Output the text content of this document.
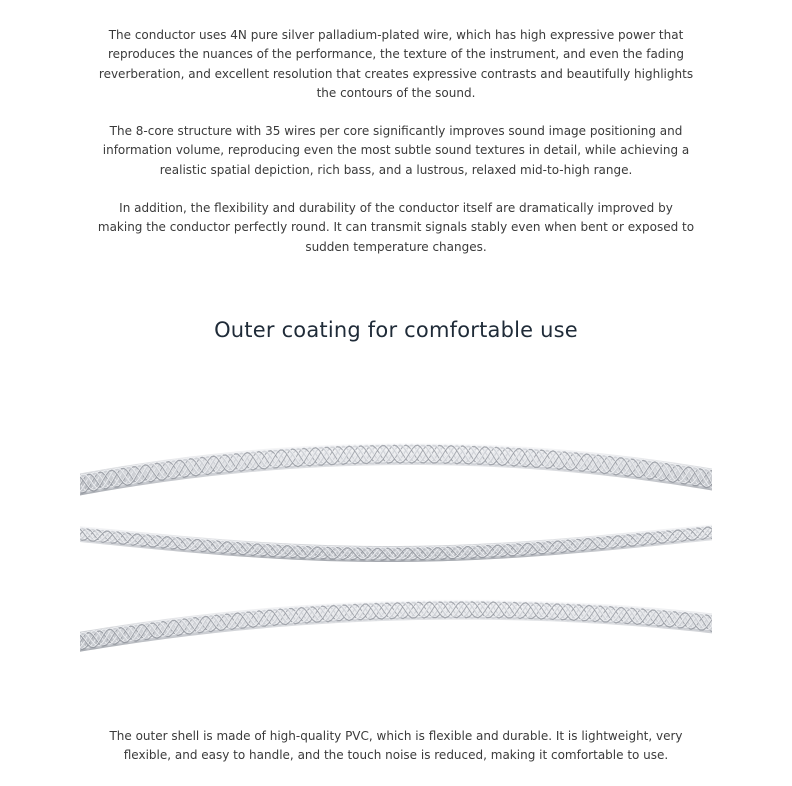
The conductor uses 4N pure silver palladium-plated wire, which has high expressive power that reproduces the nuances of the performance, the texture of the instrument, and even the fading reverberation, and excellent resolution that creates expressive contrasts and beautifully highlights the contours of the sound.

The 8-core structure with 35 wires per core significantly improves sound image positioning and information volume, reproducing even the most subtle sound textures in detail, while achieving a realistic spatial depiction, rich bass, and a lustrous, relaxed mid-to-high range.

In addition, the flexibility and durability of the conductor itself are dramatically improved by making the conductor perfectly round. It can transmit signals stably even when bent or exposed to sudden temperature changes.

Outer coating for comfortable use

The outer shell is made of high-quality PVC, which is flexible and durable. It is lightweight, very flexible, and easy to handle, and the touch noise is reduced, making it comfortable to use.
